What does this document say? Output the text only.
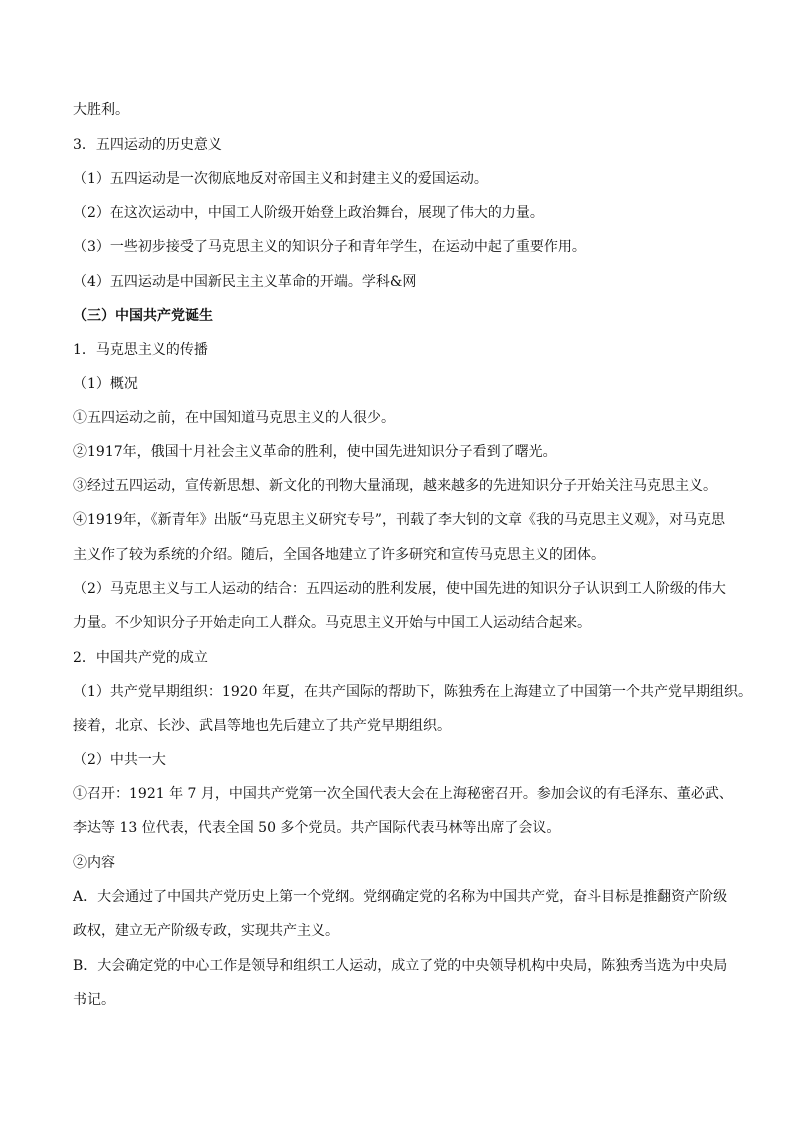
大胜利。
3．五四运动的历史意义
（1）五四运动是一次彻底地反对帝国主义和封建主义的爱国运动。
（2）在这次运动中，中国工人阶级开始登上政治舞台，展现了伟大的力量。
（3）一些初步接受了马克思主义的知识分子和青年学生，在运动中起了重要作用。
（4）五四运动是中国新民主主义革命的开端。学科&网
（三）中国共产党诞生
1．马克思主义的传播
（1）概况
①五四运动之前，在中国知道马克思主义的人很少。
②1917年，俄国十月社会主义革命的胜利，使中国先进知识分子看到了曙光。
③经过五四运动，宣传新思想、新文化的刊物大量涌现，越来越多的先进知识分子开始关注马克思主义。
④1919年，《新青年》出版“马克思主义研究专号”，刊载了李大钊的文章《我的马克思主义观》，对马克思
主义作了较为系统的介绍。随后，全国各地建立了许多研究和宣传马克思主义的团体。
（2）马克思主义与工人运动的结合：五四运动的胜利发展，使中国先进的知识分子认识到工人阶级的伟大
力量。不少知识分子开始走向工人群众。马克思主义开始与中国工人运动结合起来。
2．中国共产党的成立
（1）共产党早期组织：1920 年夏，在共产国际的帮助下，陈独秀在上海建立了中国第一个共产党早期组织。
接着，北京、长沙、武昌等地也先后建立了共产党早期组织。
（2）中共一大
①召开：1921 年 7 月，中国共产党第一次全国代表大会在上海秘密召开。参加会议的有毛泽东、董必武、
李达等 13 位代表，代表全国 50 多个党员。共产国际代表马林等出席了会议。
②内容
A．大会通过了中国共产党历史上第一个党纲。党纲确定党的名称为中国共产党，奋斗目标是推翻资产阶级
政权，建立无产阶级专政，实现共产主义。
B．大会确定党的中心工作是领导和组织工人运动，成立了党的中央领导机构中央局，陈独秀当选为中央局
书记。
